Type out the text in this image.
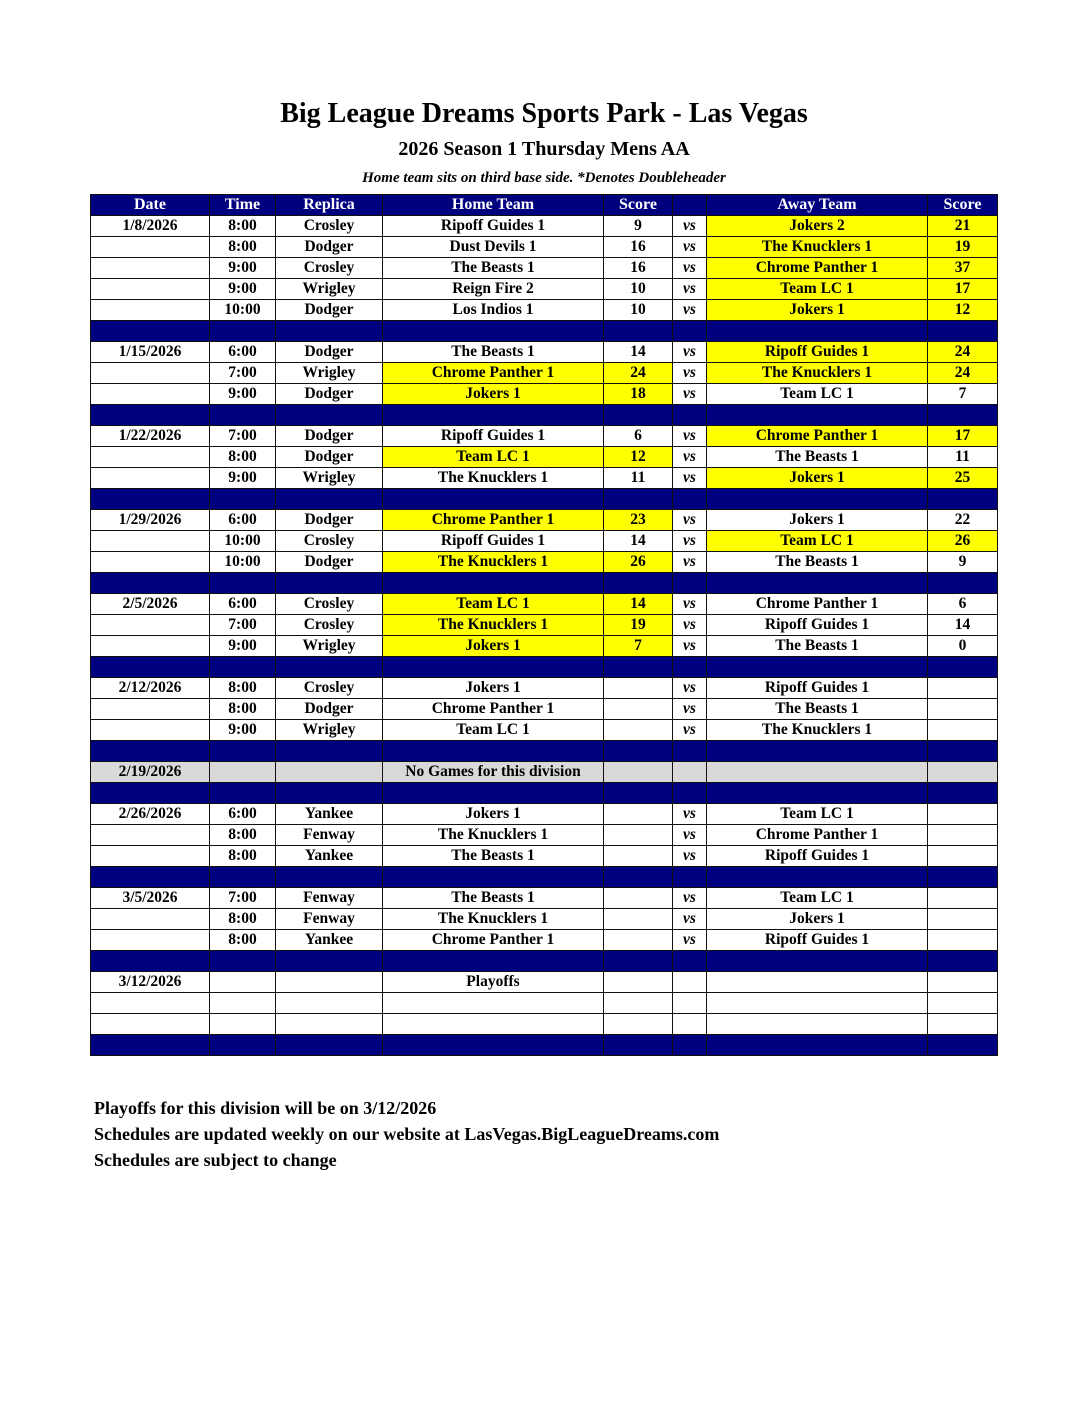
Big League Dreams Sports Park - Las Vegas
2026 Season 1 Thursday Mens AA
Home team sits on third base side. *Denotes Doubleheader
Date	Time	Replica	Home Team	Score		Away Team	Score
1/8/2026	8:00	Crosley	Ripoff Guides 1	9	vs	Jokers 2	21
	8:00	Dodger	Dust Devils 1	16	vs	The Knucklers 1	19
	9:00	Crosley	The Beasts 1	16	vs	Chrome Panther 1	37
	9:00	Wrigley	Reign Fire 2	10	vs	Team LC 1	17
	10:00	Dodger	Los Indios 1	10	vs	Jokers 1	12

1/15/2026	6:00	Dodger	The Beasts 1	14	vs	Ripoff Guides 1	24
	7:00	Wrigley	Chrome Panther 1	24	vs	The Knucklers 1	24
	9:00	Dodger	Jokers 1	18	vs	Team LC 1	7

1/22/2026	7:00	Dodger	Ripoff Guides 1	6	vs	Chrome Panther 1	17
	8:00	Dodger	Team LC 1	12	vs	The Beasts 1	11
	9:00	Wrigley	The Knucklers 1	11	vs	Jokers 1	25

1/29/2026	6:00	Dodger	Chrome Panther 1	23	vs	Jokers 1	22
	10:00	Crosley	Ripoff Guides 1	14	vs	Team LC 1	26
	10:00	Dodger	The Knucklers 1	26	vs	The Beasts 1	9

2/5/2026	6:00	Crosley	Team LC 1	14	vs	Chrome Panther 1	6
	7:00	Crosley	The Knucklers 1	19	vs	Ripoff Guides 1	14
	9:00	Wrigley	Jokers 1	7	vs	The Beasts 1	0

2/12/2026	8:00	Crosley	Jokers 1		vs	Ripoff Guides 1	
	8:00	Dodger	Chrome Panther 1		vs	The Beasts 1	
	9:00	Wrigley	Team LC 1		vs	The Knucklers 1	

2/19/2026			No Games for this division				

2/26/2026	6:00	Yankee	Jokers 1		vs	Team LC 1	
	8:00	Fenway	The Knucklers 1		vs	Chrome Panther 1	
	8:00	Yankee	The Beasts 1		vs	Ripoff Guides 1	

3/5/2026	7:00	Fenway	The Beasts 1		vs	Team LC 1	
	8:00	Fenway	The Knucklers 1		vs	Jokers 1	
	8:00	Yankee	Chrome Panther 1		vs	Ripoff Guides 1	

3/12/2026			Playoffs				

Playoffs for this division will be on 3/12/2026
Schedules are updated weekly on our website at LasVegas.BigLeagueDreams.com
Schedules are subject to change
